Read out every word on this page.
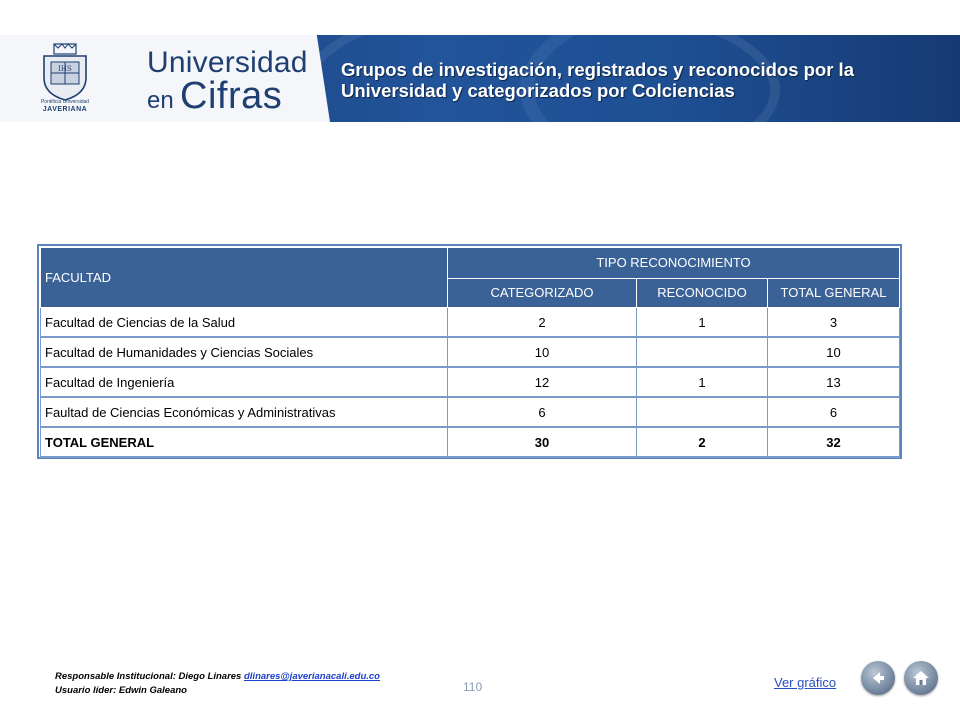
IHS
Pontificia Universidad
JAVERIANA
Universidad
en Cifras
Grupos de investigación, registrados y reconocidos por la
Universidad y categorizados por Colciencias
FACULTAD	TIPO RECONOCIMIENTO		
	CATEGORIZADO	RECONOCIDO	TOTAL GENERAL
Facultad de Ciencias de la Salud	2	1	3
Facultad de Humanidades y Ciencias Sociales	10		10
Facultad de Ingeniería	12	1	13
Faultad de Ciencias Económicas y Administrativas	6		6
TOTAL GENERAL	30	2	32
Responsable Institucional: Diego Linares dlinares@javerianacali.edu.co
Usuario líder: Edwin Galeano	110	Ver gráfico
